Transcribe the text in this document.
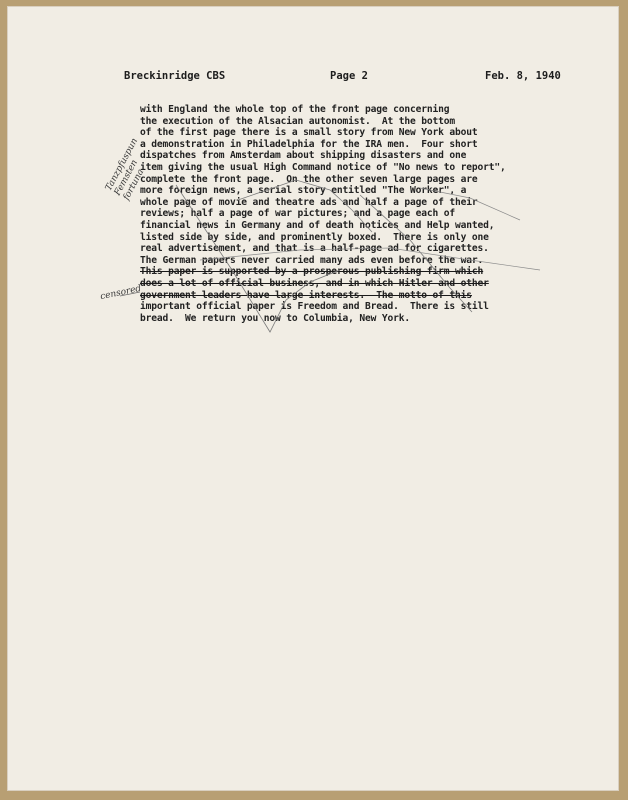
Breckinridge CBS	Page 2	Feb. 8, 1940
with England the whole top of the front page concerning
the execution of the Alsacian autonomist.  At the bottom
of the first page there is a small story from New York about
a demonstration in Philadelphia for the IRA men.  Four short
dispatches from Amsterdam about shipping disasters and one
item giving the usual High Command notice of "No news to report",
complete the front page.  On the other seven large pages are
more foreign news, a serial story entitled "The Worker", a
whole page of movie and theatre ads and half a page of their
reviews; half a page of war pictures; and a page each of
financial news in Germany and of death notices and Help wanted,
listed side by side, and prominently boxed.  There is only one
real advertisement, and that is a half-page ad for cigarettes.
The German papers never carried many ads even before the war.
This paper is supported by a prosperous publishing firm which
does a lot of official business, and in which Hitler and other
government leaders have large interests.  The motto of this
important official paper is Freedom and Bread.  There is still
bread.  We return you now to Columbia, New York.
Tanzpfuspun
Femsten
fortuna
censored
